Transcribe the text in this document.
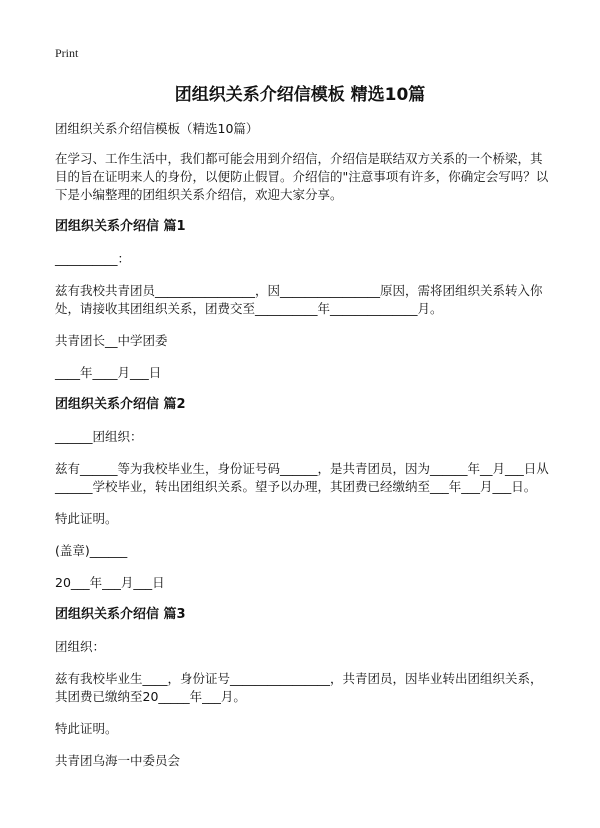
Print
团组织关系介绍信模板 精选10篇

团组织关系介绍信模板（精选10篇）

在学习、工作生活中，我们都可能会用到介绍信，介绍信是联结双方关系的一个桥梁，其目的旨在证明来人的身份，以便防止假冒。介绍信的"注意事项有许多，你确定会写吗？以下是小编整理的团组织关系介绍信，欢迎大家分享。

团组织关系介绍信 篇1

__________：

兹有我校共青团员________________，因________________原因，需将团组织关系转入你处，请接收其团组织关系，团费交至__________年______________月。

共青团长__中学团委

____年____月___日

团组织关系介绍信 篇2

______团组织：

兹有______等为我校毕业生，身份证号码______，是共青团员，因为______年__月___日从______学校毕业，转出团组织关系。望予以办理，其团费已经缴纳至___年___月___日。

特此证明。

(盖章)______

20___年___月___日

团组织关系介绍信 篇3

团组织：

兹有我校毕业生____，身份证号________________，共青团员，因毕业转出团组织关系，其团费已缴纳至20_____年___月。

特此证明。

共青团乌海一中委员会
